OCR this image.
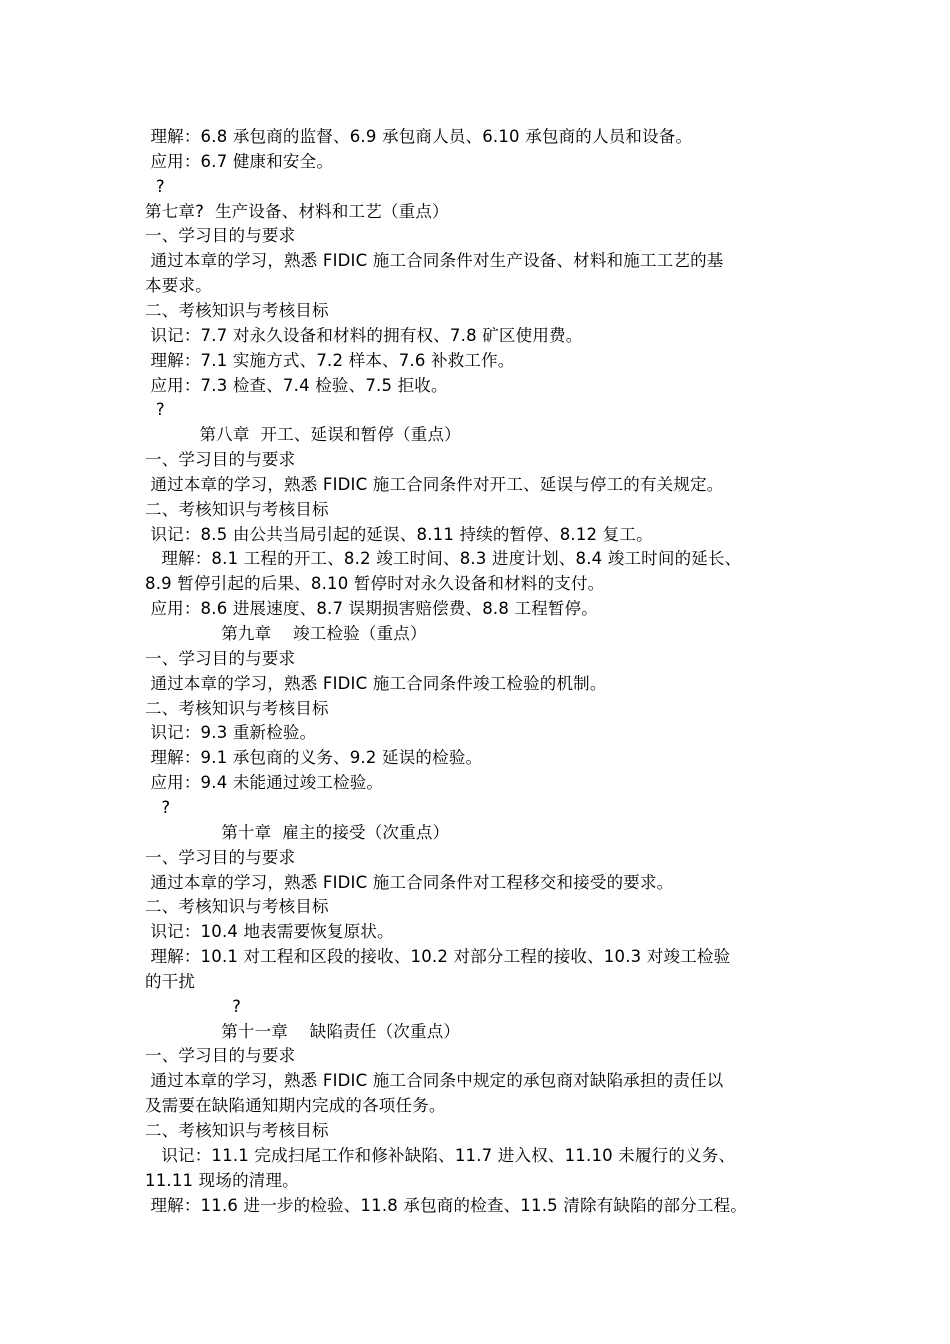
理解：6.8 承包商的监督、6.9 承包商人员、6.10 承包商的人员和设备。
应用：6.7 健康和安全。
?
第七章?  生产设备、材料和工艺（重点）
一、学习目的与要求
通过本章的学习，熟悉 FIDIC 施工合同条件对生产设备、材料和施工工艺的基
本要求。
二、考核知识与考核目标
识记：7.7 对永久设备和材料的拥有权、7.8 矿区使用费。
理解：7.1 实施方式、7.2 样本、7.6 补救工作。
应用：7.3 检查、7.4 检验、7.5 拒收。
?
第八章  开工、延误和暂停（重点）
一、学习目的与要求
通过本章的学习，熟悉 FIDIC 施工合同条件对开工、延误与停工的有关规定。
二、考核知识与考核目标
识记：8.5 由公共当局引起的延误、8.11 持续的暂停、8.12 复工。
理解：8.1 工程的开工、8.2 竣工时间、8.3 进度计划、8.4 竣工时间的延长、
8.9 暂停引起的后果、8.10 暂停时对永久设备和材料的支付。
应用：8.6 进展速度、8.7 误期损害赔偿费、8.8 工程暂停。
第九章    竣工检验（重点）
一、学习目的与要求
通过本章的学习，熟悉 FIDIC 施工合同条件竣工检验的机制。
二、考核知识与考核目标
识记：9.3 重新检验。
理解：9.1 承包商的义务、9.2 延误的检验。
应用：9.4 未能通过竣工检验。
?
第十章  雇主的接受（次重点）
一、学习目的与要求
通过本章的学习，熟悉 FIDIC 施工合同条件对工程移交和接受的要求。
二、考核知识与考核目标
识记：10.4 地表需要恢复原状。
理解：10.1 对工程和区段的接收、10.2 对部分工程的接收、10.3 对竣工检验
的干扰
?
第十一章    缺陷责任（次重点）
一、学习目的与要求
通过本章的学习，熟悉 FIDIC 施工合同条中规定的承包商对缺陷承担的责任以
及需要在缺陷通知期内完成的各项任务。
二、考核知识与考核目标
识记：11.1 完成扫尾工作和修补缺陷、11.7 进入权、11.10 未履行的义务、
11.11 现场的清理。
理解：11.6 进一步的检验、11.8 承包商的检查、11.5 清除有缺陷的部分工程。
